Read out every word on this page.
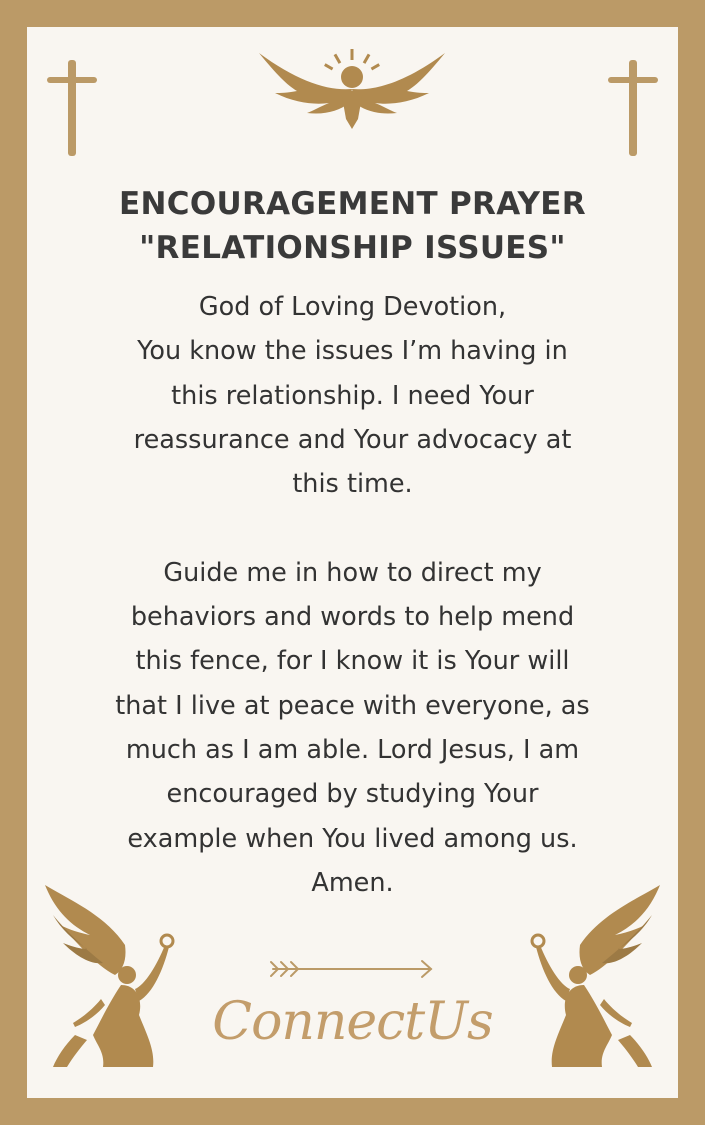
ENCOURAGEMENT PRAYER
"RELATIONSHIP ISSUES"
God of Loving Devotion,
You know the issues I’m having in
this relationship. I need Your
reassurance and Your advocacy at
this time.

Guide me in how to direct my
behaviors and words to help mend
this fence, for I know it is Your will
that I live at peace with everyone, as
much as I am able. Lord Jesus, I am
encouraged by studying Your
example when You lived among us.
Amen.
ConnectUs
